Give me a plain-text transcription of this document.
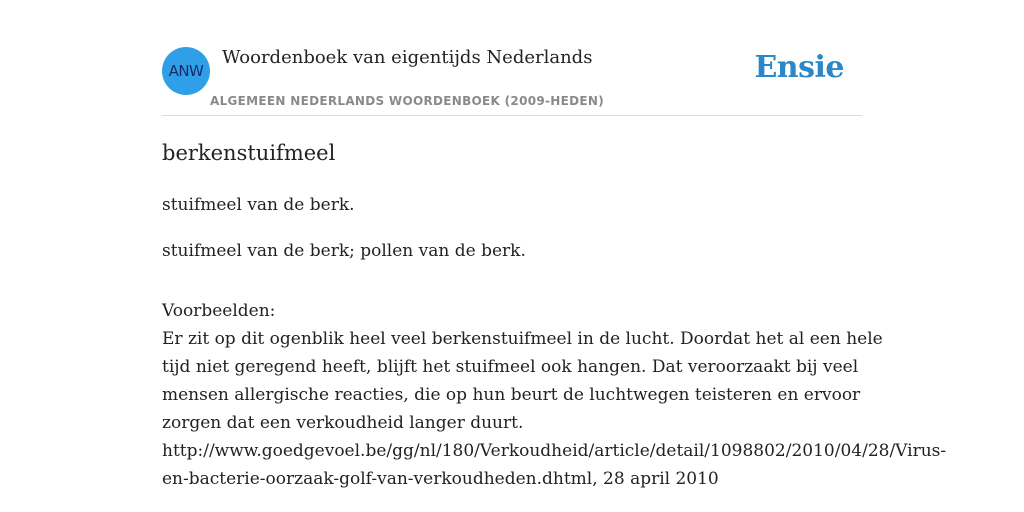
ANW
Woordenboek van eigentijds Nederlands
ALGEMEEN NEDERLANDS WOORDENBOEK (2009-HEDEN)
Ensie
berkenstuifmeel
stuifmeel van de berk.
stuifmeel van de berk; pollen van de berk.
Voorbeelden:
Er zit op dit ogenblik heel veel berkenstuifmeel in de lucht. Doordat het al een hele
tijd niet geregend heeft, blijft het stuifmeel ook hangen. Dat veroorzaakt bij veel
mensen allergische reacties, die op hun beurt de luchtwegen teisteren en ervoor
zorgen dat een verkoudheid langer duurt.
http://www.goedgevoel.be/gg/nl/180/Verkoudheid/article/detail/1098802/2010/04/28/Virus-
en-bacterie-oorzaak-golf-van-verkoudheden.dhtml, 28 april 2010
